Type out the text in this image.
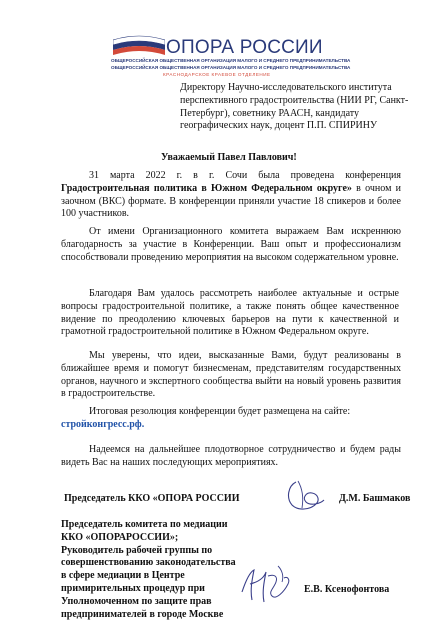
ОПОРА РОССИИ
ОБЩЕРОССИЙСКАЯ ОБЩЕСТВЕННАЯ ОРГАНИЗАЦИЯ МАЛОГО И СРЕДНЕГО ПРЕДПРИНИМАТЕЛЬСТВА
ОБЩЕРОССИЙСКАЯ ОБЩЕСТВЕННАЯ ОРГАНИЗАЦИЯ МАЛОГО И СРЕДНЕГО ПРЕДПРИНИМАТЕЛЬСТВА
КРАСНОДАРСКОЕ КРАЕВОЕ ОТДЕЛЕНИЕ
Директору Научно-исследовательского института перспективного градостроительства (НИИ РГ, Санкт-Петербург), советнику РААСН, кандидату географических наук, доцент П.П. СПИРИНУ
Уважаемый Павел Павлович!
31 марта 2022 г. в г. Сочи была проведена конференция Градостроительная политика в Южном Федеральном округе» в очном и заочном (ВКС) формате. В конференции приняли участие 18 спикеров и более 100 участников.
От имени Организационного комитета выражаем Вам искреннюю благодарность за участие в Конференции. Ваш опыт и профессионализм способствовали проведению мероприятия на высоком содержательном уровне.
Благодаря Вам удалось рассмотреть наиболее актуальные и острые вопросы градостроительной политике, а также понять общее качественное видение по преодолению ключевых барьеров на пути к качественной и грамотной градостроительной политике в Южном Федеральном округе.
Мы уверены, что идеи, высказанные Вами, будут реализованы в ближайшее время и помогут бизнесменам, представителям государственных органов, научного и экспертного сообщества выйти на новый уровень развития в градостроительстве.
Итоговая резолюция конференции будет размещена на сайте:
стройконгресс.рф.
Надеемся на дальнейшее плодотворное сотрудничество и будем рады видеть Вас на наших последующих мероприятиях.
Председатель ККО «ОПОРА РОССИИ	Д.М. Башмаков
Председатель комитета по медиации ККО «ОПОРАРОССИИ»; Руководитель рабочей группы по совершенствованию законодательства в сфере медиации в Центре примирительных процедур при Уполномоченном по защите прав предпринимателей в городе Москве
Е.В. Ксенофонтова
